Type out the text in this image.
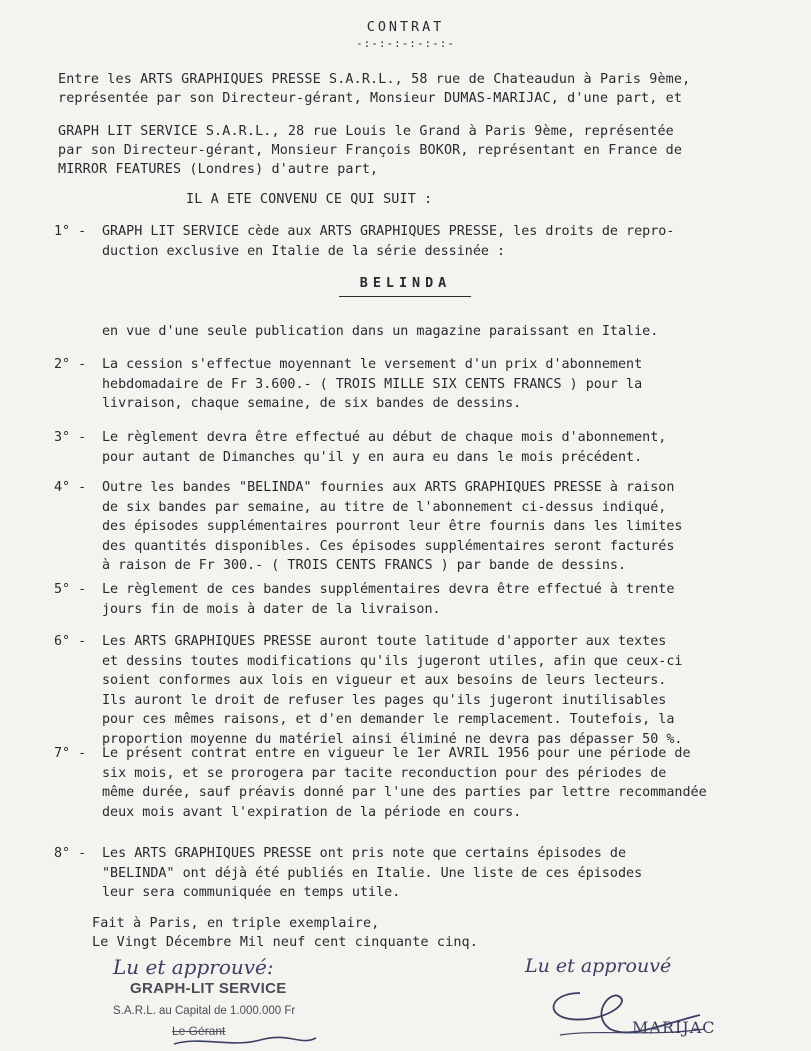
CONTRAT
-:-:-:-:-:-:-
Entre les ARTS GRAPHIQUES PRESSE S.A.R.L., 58 rue de Chateaudun à Paris 9ème,
représentée par son Directeur-gérant, Monsieur DUMAS-MARIJAC, d'une part, et
GRAPH LIT SERVICE S.A.R.L., 28 rue Louis le Grand à Paris 9ème, représentée
par son Directeur-gérant, Monsieur François BOKOR, représentant en France de
MIRROR FEATURES (Londres) d'autre part,
IL A ETE CONVENU CE QUI SUIT :
1° - GRAPH LIT SERVICE cède aux ARTS GRAPHIQUES PRESSE, les droits de repro-
duction exclusive en Italie de la série dessinée :
BELINDA
en vue d'une seule publication dans un magazine paraissant en Italie.
2° - La cession s'effectue moyennant le versement d'un prix d'abonnement
hebdomadaire de Fr 3.600.- ( TROIS MILLE SIX CENTS FRANCS ) pour la
livraison, chaque semaine, de six bandes de dessins.
3° - Le règlement devra être effectué au début de chaque mois d'abonnement,
pour autant de Dimanches qu'il y en aura eu dans le mois précédent.
4° - Outre les bandes "BELINDA" fournies aux ARTS GRAPHIQUES PRESSE à raison
de six bandes par semaine, au titre de l'abonnement ci-dessus indiqué,
des épisodes supplémentaires pourront leur être fournis dans les limites
des quantités disponibles. Ces épisodes supplémentaires seront facturés
à raison de Fr 300.- ( TROIS CENTS FRANCS ) par bande de dessins.
5° - Le règlement de ces bandes supplémentaires devra être effectué à trente
jours fin de mois à dater de la livraison.
6° - Les ARTS GRAPHIQUES PRESSE auront toute latitude d'apporter aux textes
et dessins toutes modifications qu'ils jugeront utiles, afin que ceux-ci
soient conformes aux lois en vigueur et aux besoins de leurs lecteurs.
Ils auront le droit de refuser les pages qu'ils jugeront inutilisables
pour ces mêmes raisons, et d'en demander le remplacement. Toutefois, la
proportion moyenne du matériel ainsi éliminé ne devra pas dépasser 50 %.
7° - Le présent contrat entre en vigueur le 1er AVRIL 1956 pour une période de
six mois, et se prorogera par tacite reconduction pour des périodes de
même durée, sauf préavis donné par l'une des parties par lettre recommandée
deux mois avant l'expiration de la période en cours.
8° - Les ARTS GRAPHIQUES PRESSE ont pris note que certains épisodes de
"BELINDA" ont déjà été publiés en Italie. Une liste de ces épisodes
leur sera communiquée en temps utile.
Fait à Paris, en triple exemplaire,
Le Vingt Décembre Mil neuf cent cinquante cinq.
Lu et approuvé:
GRAPH-LIT SERVICE
S.A.R.L. au Capital de 1.000.000 Fr
Le Gérant
Lu et approuvé
MARIJAC
